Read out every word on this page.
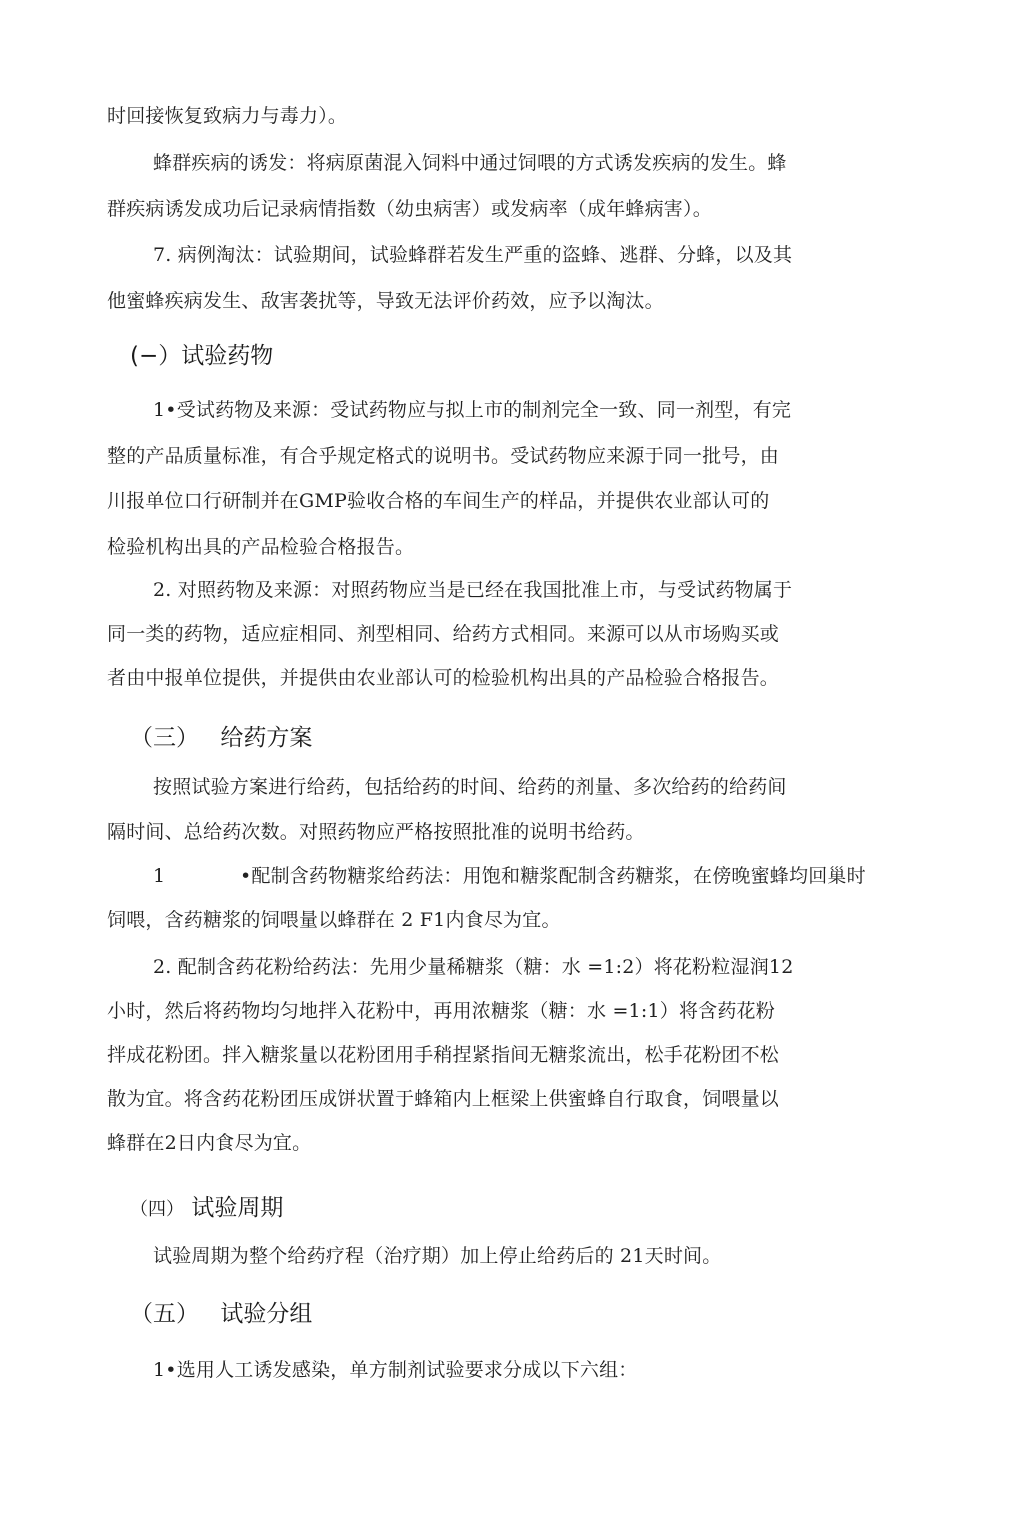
时回接恢复致病力与毒力）。
蜂群疾病的诱发：将病原菌混入饲料中通过饲喂的方式诱发疾病的发生。蜂
群疾病诱发成功后记录病情指数（幼虫病害）或发病率（成年蜂病害）。
7. 病例淘汰：试验期间，试验蜂群若发生严重的盗蜂、逃群、分蜂，以及其
他蜜蜂疾病发生、敌害袭扰等，导致无法评价药效，应予以淘汰。
(−）试验药物
1•受试药物及来源：受试药物应与拟上市的制剂完全一致、同一剂型，有完
整的产品质量标准，有合乎规定格式的说明书。受试药物应来源于同一批号，由
川报单位口行研制并在GMP验收合格的车间生产的样品，并提供农业部认可的
检验机构出具的产品检验合格报告。
2. 对照药物及来源：对照药物应当是已经在我国批准上市，与受试药物属于
同一类的药物，适应症相同、剂型相同、给药方式相同。来源可以从市场购买或
者由中报单位提供，并提供由农业部认可的检验机构出具的产品检验合格报告。
（三） 给药方案
按照试验方案进行给药，包括给药的时间、给药的剂量、多次给药的给药间
隔时间、总给药次数。对照药物应严格按照批准的说明书给药。
1	•配制含药物糖浆给药法：用饱和糖浆配制含药糖浆，在傍晚蜜蜂均回巢时
饲喂，含药糖浆的饲喂量以蜂群在 2 F1内食尽为宜。
2. 配制含药花粉给药法：先用少量稀糖浆（糖：水 =1:2）将花粉粒湿润12
小时，然后将药物均匀地拌入花粉中，再用浓糖浆（糖：水 =1:1）将含药花粉
拌成花粉团。拌入糖浆量以花粉团用手稍捏紧指间无糖浆流出，松手花粉团不松
散为宜。将含药花粉团压成饼状置于蜂箱内上框梁上供蜜蜂自行取食，饲喂量以
蜂群在2日内食尽为宜。
（四） 试验周期
试验周期为整个给药疗程（治疗期）加上停止给药后的 21天时间。
（五） 试验分组
1•选用人工诱发感染，单方制剂试验要求分成以下六组：
